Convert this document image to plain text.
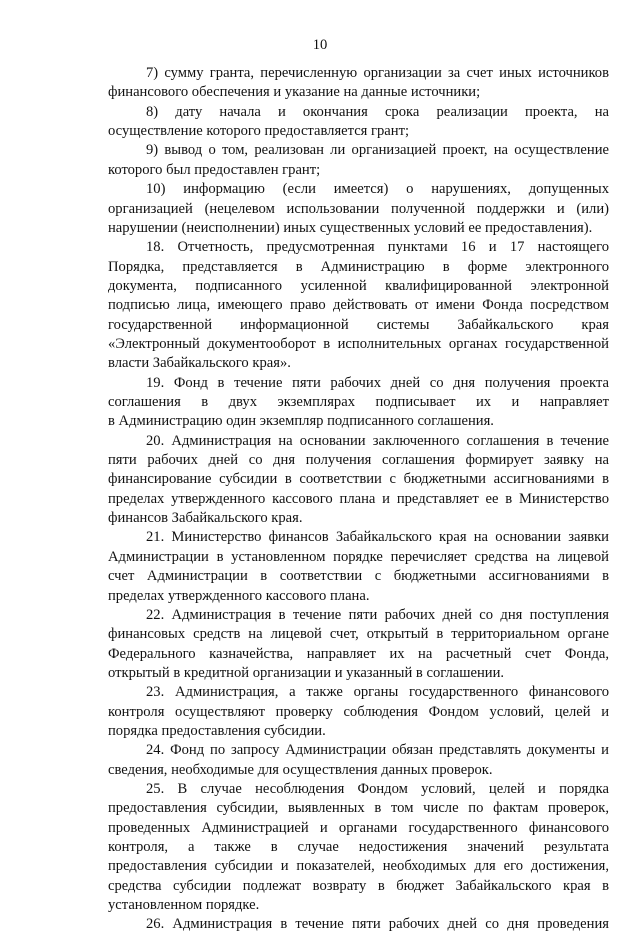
10
7) сумму гранта, перечисленную организации за счет иных источников
финансового обеспечения и указание на данные источники;
8) дату начала и окончания срока реализации проекта, на
осуществление которого предоставляется грант;
9) вывод о том, реализован ли организацией проект, на осуществление
которого был предоставлен грант;
10) информацию (если имеется) о нарушениях, допущенных
организацией (нецелевом использовании полученной поддержки и (или)
нарушении (неисполнении) иных существенных условий ее предоставления).
18. Отчетность, предусмотренная пунктами 16 и 17 настоящего
Порядка, представляется в Администрацию в форме электронного
документа, подписанного усиленной квалифицированной электронной
подписью лица, имеющего право действовать от имени Фонда посредством
государственной информационной системы Забайкальского края
«Электронный документооборот в исполнительных органах государственной
власти Забайкальского края».
19. Фонд в течение пяти рабочих дней со дня получения проекта
соглашения в двух экземплярах подписывает их и направляет
в Администрацию один экземпляр подписанного соглашения.
20. Администрация на основании заключенного соглашения в течение
пяти рабочих дней со дня получения соглашения формирует заявку на
финансирование субсидии в соответствии с бюджетными ассигнованиями в
пределах утвержденного кассового плана и представляет ее в Министерство
финансов Забайкальского края.
21. Министерство финансов Забайкальского края на основании заявки
Администрации в установленном порядке перечисляет средства на лицевой
счет Администрации в соответствии с бюджетными ассигнованиями в
пределах утвержденного кассового плана.
22. Администрация в течение пяти рабочих дней со дня поступления
финансовых средств на лицевой счет, открытый в территориальном органе
Федерального казначейства, направляет их на расчетный счет Фонда,
открытый в кредитной организации и указанный в соглашении.
23. Администрация, а также органы государственного финансового
контроля осуществляют проверку соблюдения Фондом условий, целей и
порядка предоставления субсидии.
24. Фонд по запросу Администрации обязан представлять документы и
сведения, необходимые для осуществления данных проверок.
25. В случае несоблюдения Фондом условий, целей и порядка
предоставления субсидии, выявленных в том числе по фактам проверок,
проведенных Администрацией и органами государственного финансового
контроля, а также в случае недостижения значений результата
предоставления субсидии и показателей, необходимых для его достижения,
средства субсидии подлежат возврату в бюджет Забайкальского края в
установленном порядке.
26. Администрация в течение пяти рабочих дней со дня проведения
